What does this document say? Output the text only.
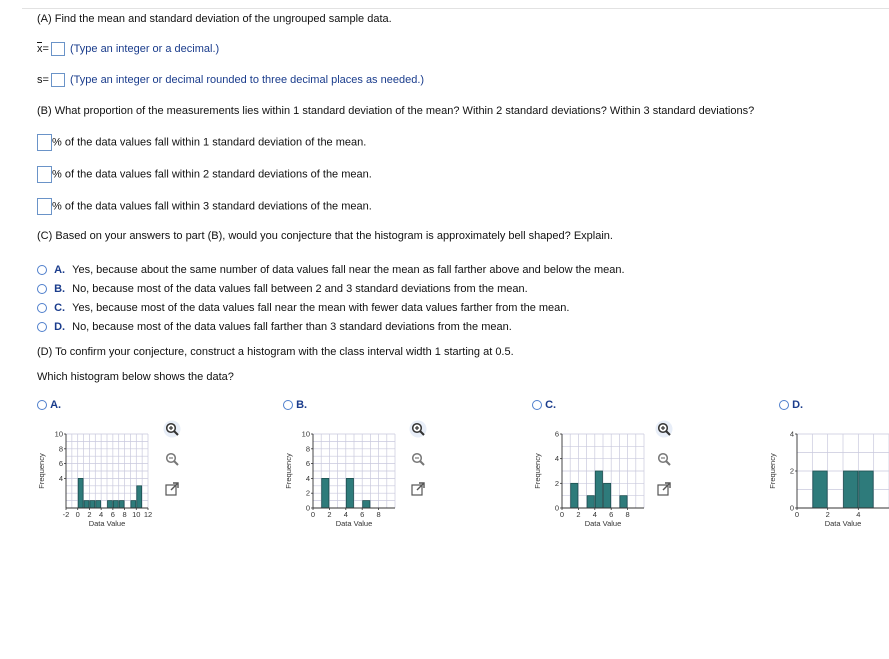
(A) Find the mean and standard deviation of the ungrouped sample data.
x= (Type an integer or a decimal.)
s= (Type an integer or decimal rounded to three decimal places as needed.)
(B) What proportion of the measurements lies within 1 standard deviation of the mean? Within 2 standard deviations? Within 3 standard deviations?
% of the data values fall within 1 standard deviation of the mean.
% of the data values fall within 2 standard deviations of the mean.
% of the data values fall within 3 standard deviations of the mean.
(C) Based on your answers to part (B), would you conjecture that the histogram is approximately bell shaped? Explain.
A. Yes, because about the same number of data values fall near the mean as fall farther above and below the mean.
B. No, because most of the data values fall between 2 and 3 standard deviations from the mean.
C. Yes, because most of the data values fall near the mean with fewer data values farther from the mean.
D. No, because most of the data values fall farther than 3 standard deviations from the mean.
(D) To confirm your conjecture, construct a histogram with the class interval width 1 starting at 0.5.
Which histogram below shows the data?
A.	B.	C.	D.
4
6
8
10
-2 0 2 4 6 8 10 12
Data Value
Frequency
0
2
4
6
8
10
0 2 4 6 8
Data Value
Frequency
0
2
4
6
0 2 4 6 8
Data Value
Frequency
0
2
4
0	2	4
Data Value
Frequency
